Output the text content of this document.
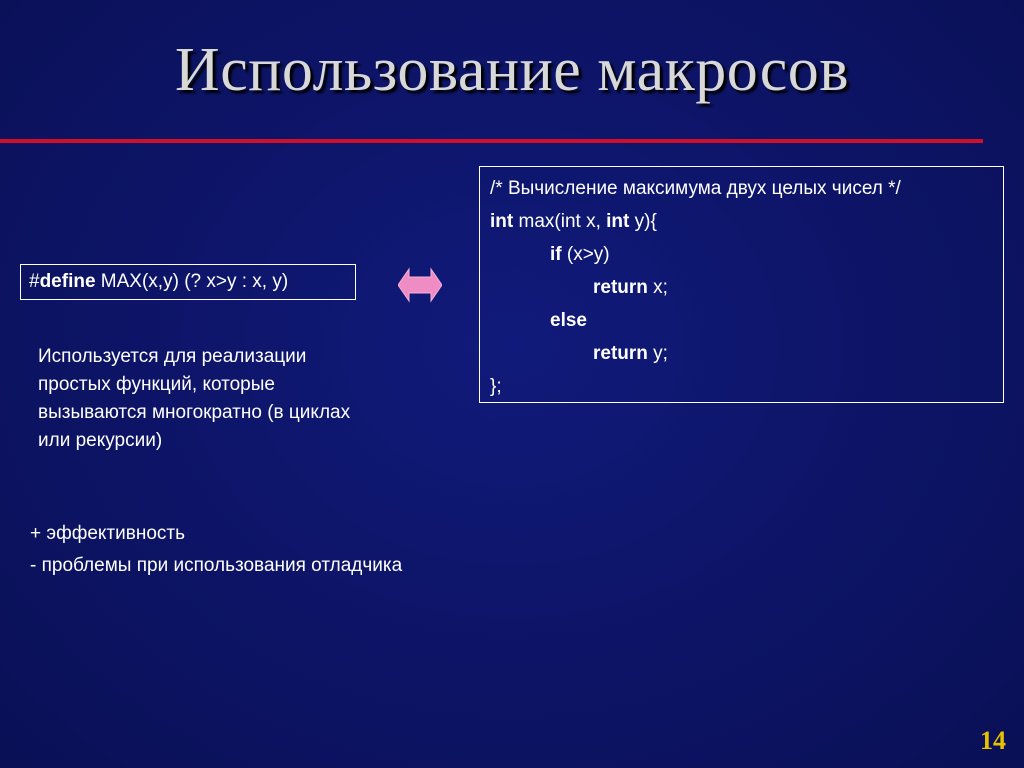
Использование макросов
#define MAX(x,y) (? x>y : x, y)
Используется для реализации простых функций, которые вызываются многократно (в циклах или рекурсии)
+ эффективность
- проблемы при использования отладчика
/* Вычисление максимума двух целых чисел */
int max(int x, int y){
if (x>y)
return x;
else
return y;
};
14
